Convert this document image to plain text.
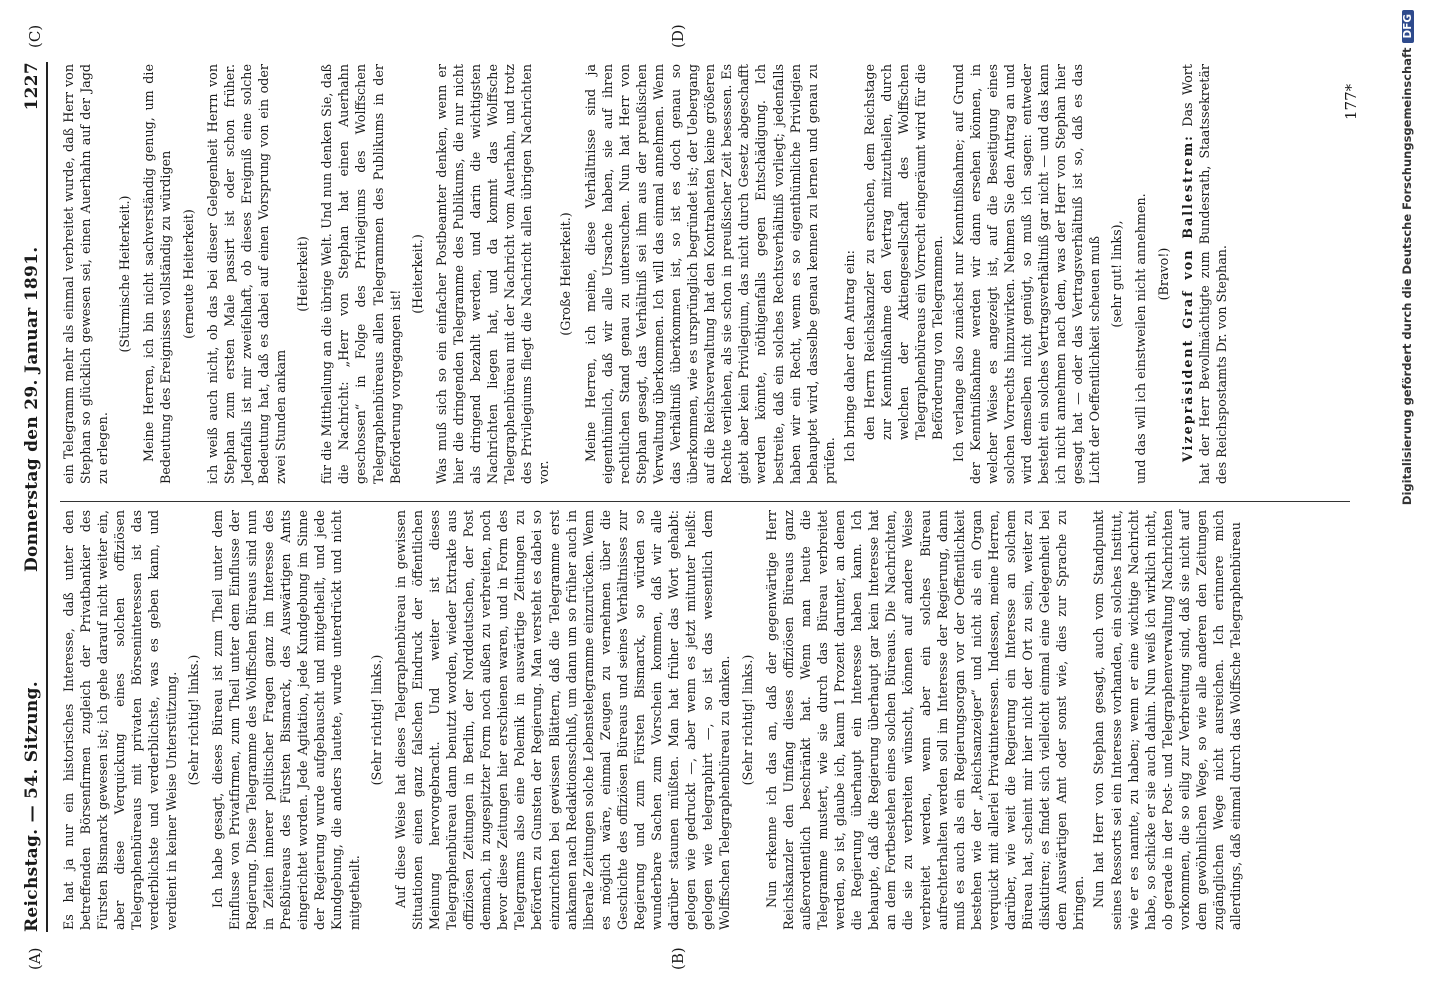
(A)	(B)
(C)	(D)
Reichstag. — 54. Sitzung.
Donnerstag den 29. Januar 1891.
1227

Es hat ja nur ein historisches Interesse, daß unter den betreffenden Börsenfirmen zugleich der Privatbankier des Fürsten Bismarck gewesen ist; ich gehe darauf nicht weiter ein, aber diese Verquickung eines solchen offiziösen Telegraphenbüreaus mit privaten Börseninteressen ist das verderblichste und verderblichste, was es geben kann, und verdient in keiner Weise Unterstützung. (Sehr richtig! links.) Ich habe gesagt, dieses Büreau ist zum Theil unter dem Einflusse von Privatfirmen, zum Theil unter dem Einflusse der Regierung. Diese Telegramme des Wolffschen Büreaus sind nun in Zeiten innerer politischer Fragen ganz im Interesse des Preßbüreaus des Fürsten Bismarck, des Auswärtigen Amts eingerichtet worden. Jede Agitation, jede Kundgebung im Sinne der Regierung wurde aufgebauscht und mitgetheilt, und jede Kundgebung, die anders lautete, wurde unterdrückt und nicht mitgetheilt.

(Sehr richtig! links.) Auf diese Weise hat dieses Telegraphenbüreau in gewissen Situationen einen ganz falschen Eindruck der öffentlichen Meinung hervorgebracht. Und weiter ist dieses Telegraphenbüreau dann benutzt worden, wieder Extrakte aus offiziösen Zeitungen in Berlin, der Norddeutschen, der Post demnach, in zugespitzter Form noch außen zu verbreiten, noch bevor diese Zeitungen hier erschienen waren, und in Form des Telegramms also eine Polemik in auswärtige Zeitungen zu befördern zu Gunsten der Regierung. Man versteht es dabei so einzurichten bei gewissen Blättern, daß die Telegramme erst ankamen nach Redaktionsschluß, um dann um so früher auch in liberale Zeitungen solche Lebenstelegramme einzurücken. Wenn es möglich wäre, einmal Zeugen zu vernehmen über die Geschichte des offiziösen Büreaus und seines Verhältnisses zur Regierung und zum Fürsten Bismarck, so würden so wunderbare Sachen zum Vorschein kommen, daß wir alle darüber staunen müßten. Man hat früher das Wort gehabt: gelogen wie gedruckt —, aber wenn es jetzt mitunter heißt: gelogen wie telegraphirt —, so ist das wesentlich dem Wolffschen Telegraphenbüreau zu danken. (Sehr richtig! links.) Nun erkenne ich das an, daß der gegenwärtige Herr Reichskanzler den Umfang dieses offiziösen Büreaus ganz außerordentlich beschränkt hat. Wenn man heute die Telegramme mustert, wie sie durch das Büreau verbreitet werden, so ist, glaube ich, kaum 1 Prozent darunter, an denen die Regierung überhaupt ein Interesse haben kann. Ich behaupte, daß die Regierung überhaupt gar kein Interesse hat an dem Fortbestehen eines solchen Büreaus. Die Nachrichten, die sie zu verbreiten wünscht, können auf andere Weise verbreitet werden, wenn aber ein solches Büreau aufrechterhalten werden soll im Interesse der Regierung, dann muß es auch als ein Regierungsorgan vor der Oeffentlichkeit bestehen wie der „Reichsanzeiger“ und nicht als ein Organ verquickt mit allerlei Privatinteressen. Indessen, meine Herren, darüber, wie weit die Regierung ein Interesse an solchem Büreau hat, scheint mir hier nicht der Ort zu sein, weiter zu diskutiren; es findet sich vielleicht einmal eine Gelegenheit bei dem Auswärtigen Amt oder sonst wie, dies zur Sprache zu bringen. Nun hat Herr von Stephan gesagt, auch vom Standpunkt seines Ressorts sei ein Interesse vorhanden, ein solches Institut, wie er es nannte, zu haben; wenn er eine wichtige Nachricht habe, so schicke er sie auch dahin. Nun weiß ich wirklich nicht, ob gerade in der Post- und Telegraphenverwaltung Nachrichten vorkommen, die so eilig zur Verbreitung sind, daß sie nicht auf dem gewöhnlichen Wege, so wie alle anderen den Zeitungen zugänglichen Wege nicht ausreichen. Ich erinnere mich allerdings, daß einmal durch das Wolffsche Telegraphenbüreau

ein Telegramm mehr als einmal verbreitet wurde, daß Herr von Stephan so glücklich gewesen sei, einen Auerhahn auf der Jagd zu erlegen.

(Stürmische Heiterkeit.) Meine Herren, ich bin nicht sachverständig genug, um die Bedeutung des Ereignisses vollständig zu würdigen (erneute Heiterkeit) ich weiß auch nicht, ob das bei dieser Gelegenheit Herrn von Stephan zum ersten Male passirt ist oder schon früher. Jedenfalls ist mir zweifelhaft, ob dieses Ereigniß eine solche Bedeutung hat, daß es dabei auf einen Vorsprung von ein oder zwei Stunden ankam

(Heiterkeit) für die Mittheilung an die übrige Welt. Und nun denken Sie, daß die Nachricht: „Herr von Stephan hat einen Auerhahn geschossen“ in Folge des Privilegiums des Wolffschen Telegraphenbüreaus allen Telegrammen des Publikums in der Beförderung vorgegangen ist!

(Heiterkeit.) Was muß sich so ein einfacher Postbeamter denken, wenn er hier die dringenden Telegramme des Publikums, die nur nicht als dringend bezahlt werden, und darin die wichtigsten Nachrichten liegen hat, und da kommt das Wolffsche Telegraphenbüreau mit der Nachricht vom Auerhahn, und trotz des Privilegiums fliegt die Nachricht allen übrigen Nachrichten vor.

(Große Heiterkeit.) Meine Herren, ich meine, diese Verhältnisse sind ja eigenthümlich, daß wir alle Ursache haben, sie auf ihren rechtlichen Stand genau zu untersuchen. Nun hat Herr von Stephan gesagt, das Verhältniß sei ihm aus der preußischen Verwaltung überkommen. Ich will das einmal annehmen. Wenn das Verhältniß überkommen ist, so ist es doch genau so überkommen, wie es ursprünglich begründet ist; der Uebergang auf die Reichsverwaltung hat den Kontrahenten keine größeren Rechte verliehen, als sie schon in preußischer Zeit besessen. Es giebt aber kein Privilegium, das nicht durch Gesetz abgeschafft werden könnte, nöthigenfalls gegen Entschädigung. Ich bestreite, daß ein solches Rechtsverhältniß vorliegt; jedenfalls haben wir ein Recht, wenn es so eigenthümliche Privilegien behauptet wird, dasselbe genau kennen zu lernen und genau zu prüfen. Ich bringe daher den Antrag ein: den Herrn Reichskanzler zu ersuchen, dem Reichstage zur Kenntnißnahme den Vertrag mitzutheilen, durch welchen der Aktiengesellschaft des Wolffschen Telegraphenbüreaus ein Vorrecht eingeräumt wird für die Beförderung von Telegrammen. Ich verlange also zunächst nur Kenntnißnahme; auf Grund der Kenntnißnahme werden wir dann ersehen können, in welcher Weise es angezeigt ist, auf die Beseitigung eines solchen Vorrechts hinzuwirken. Nehmen Sie den Antrag an und wird demselben nicht genügt, so muß ich sagen: entweder besteht ein solches Vertragsverhältniß gar nicht — und das kann ich nicht annehmen nach dem, was der Herr von Stephan hier gesagt hat — oder das Vertragsverhältniß ist so, daß es das Licht der Oeffentlichkeit scheuen muß (sehr gut! links), und das will ich einstweilen nicht annehmen. (Bravo!) Vizepräsident Graf von Ballestrem: Das Wort hat der Herr Bevollmächtigte zum Bundesrath, Staatssekretär des Reichspostamts Dr. von Stephan.

177*	Digitalisierung gefördert durch die Deutsche ForschungsgemeinschaftDFG
